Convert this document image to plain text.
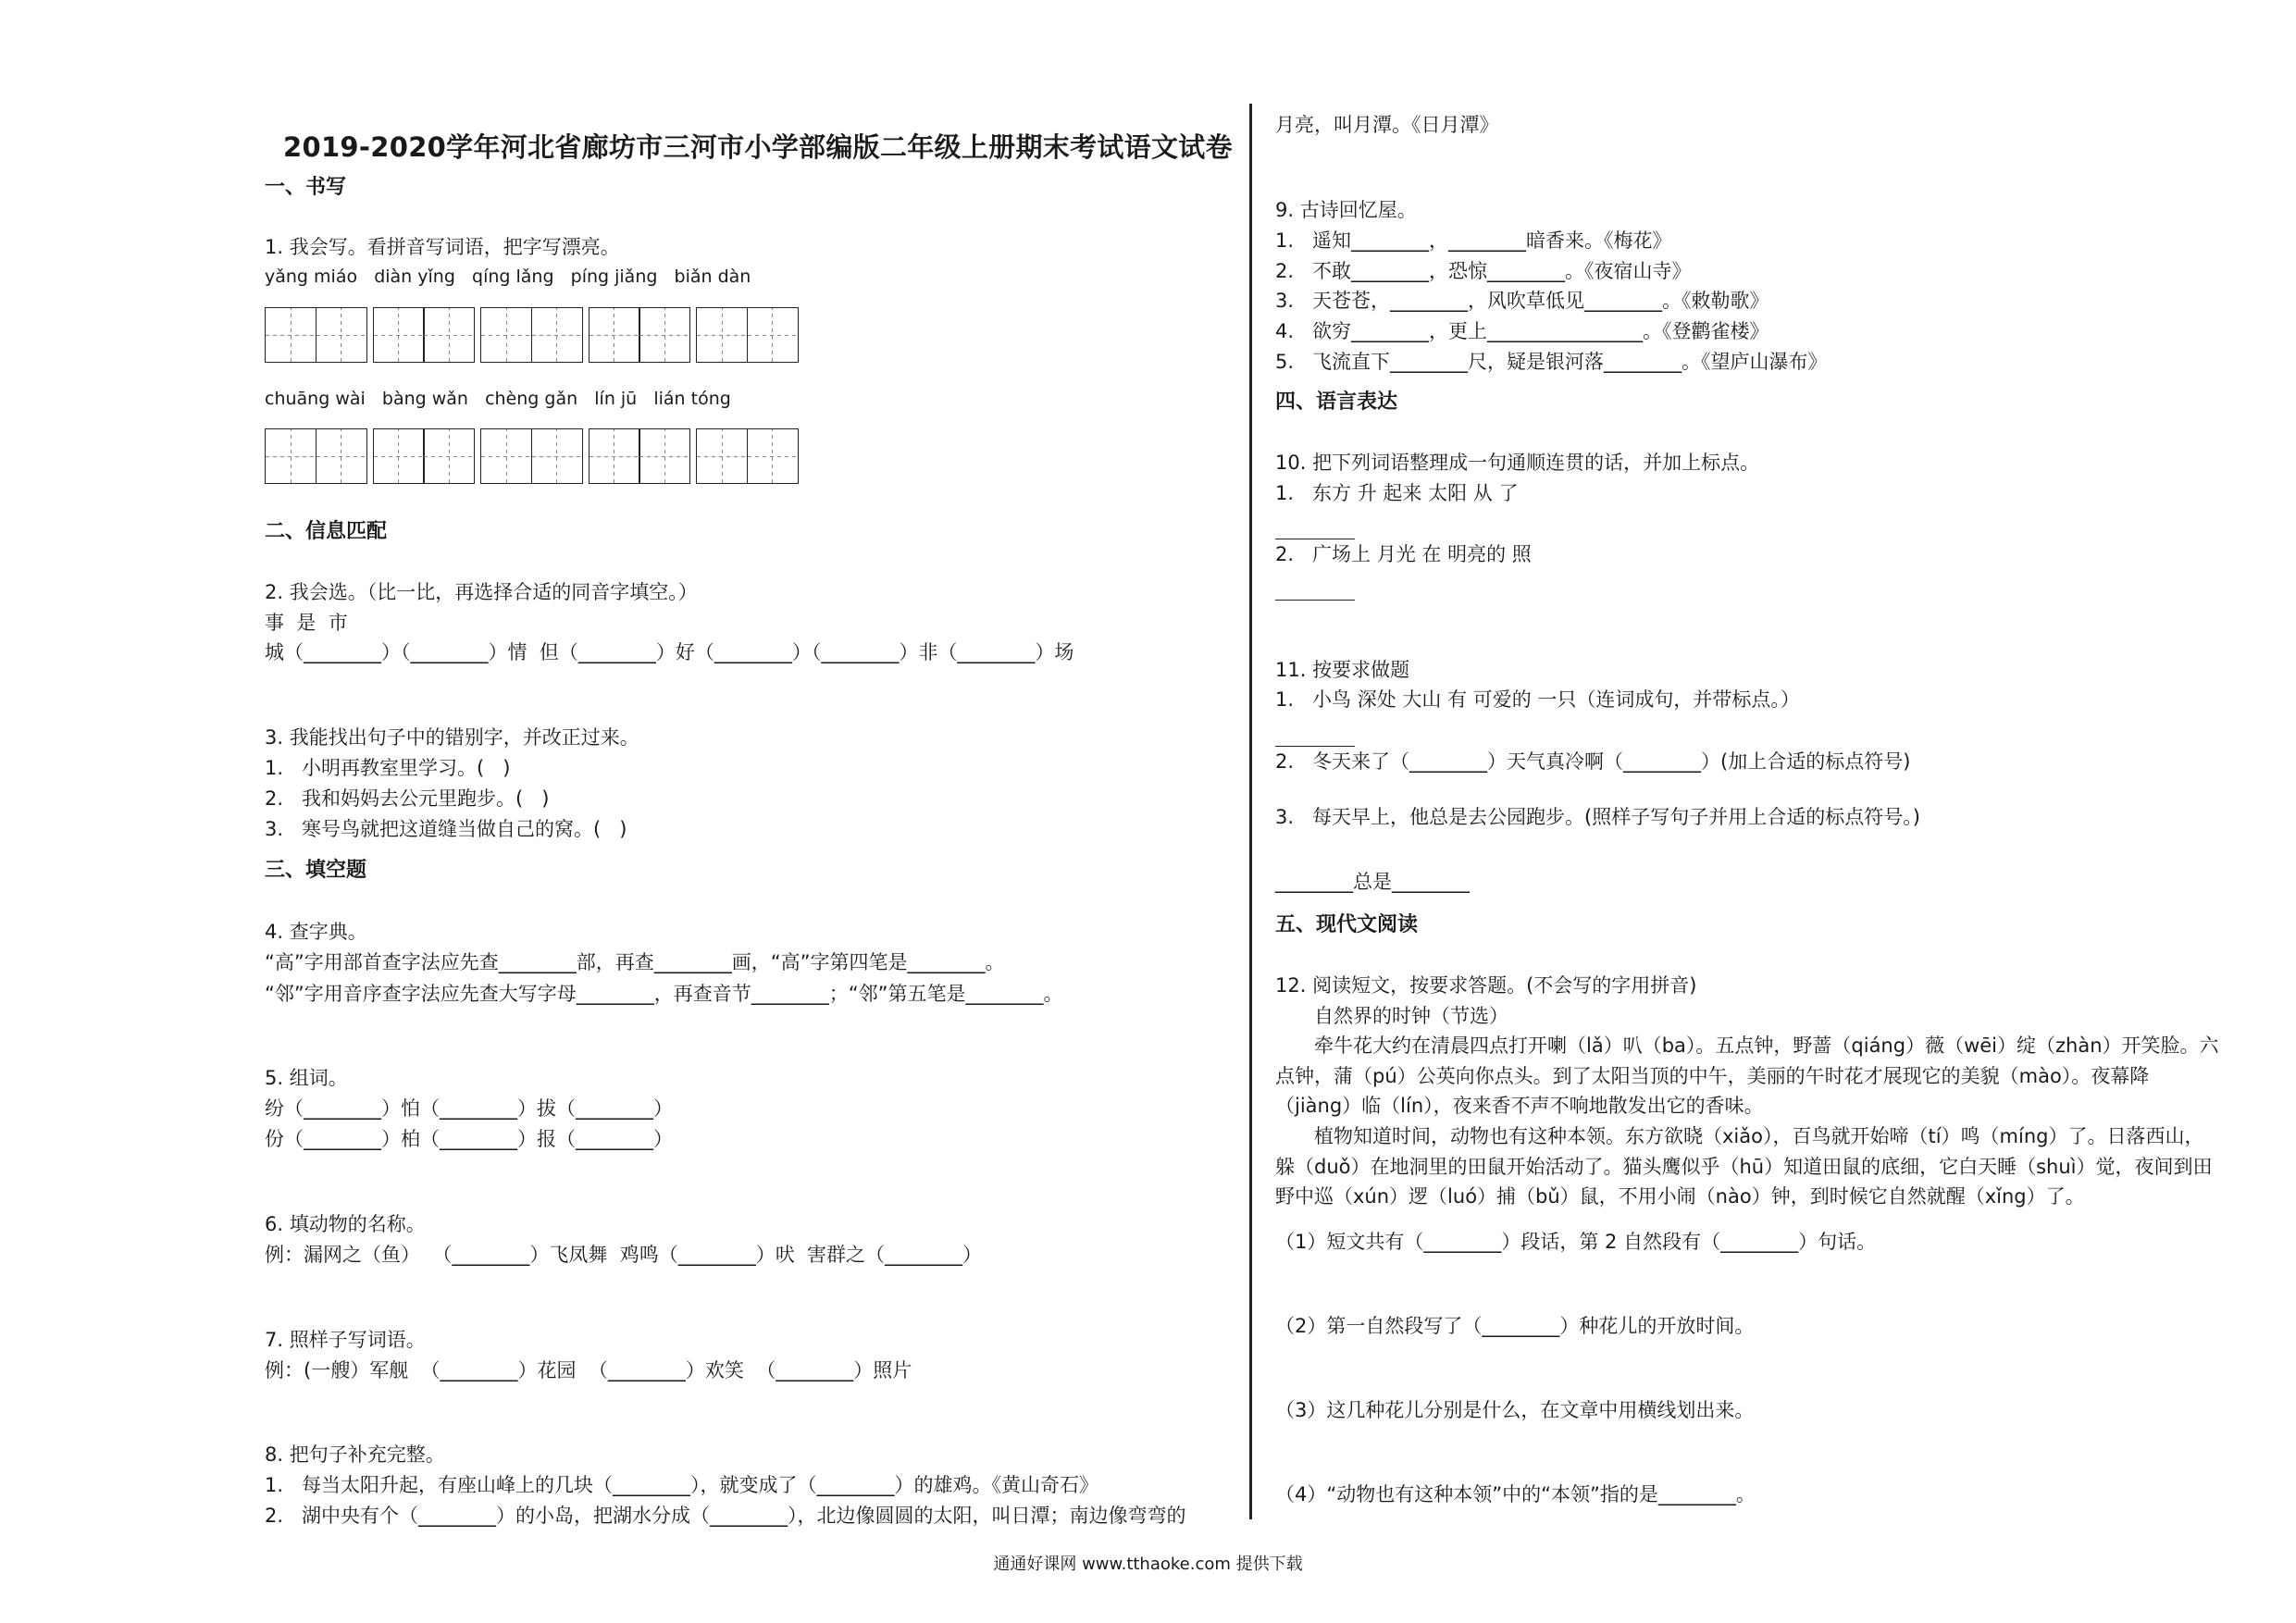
2019-2020学年河北省廊坊市三河市小学部编版二年级上册期末考试语文试卷
一、书写
1. 我会写。看拼音写词语，把字写漂亮。
yǎng miáo   diàn yǐng   qíng lǎng   píng jiǎng   biǎn dàn
chuāng wài   bàng wǎn   chèng gǎn   lín jū   lián tóng
二、信息匹配
2. 我会选。（比一比，再选择合适的同音字填空。）
事  是  市
城（________）（________）情  但（________）好（________）（________）非（________）场
3. 我能找出句子中的错别字，并改正过来。
1.   小明再教室里学习。(   )
2.   我和妈妈去公元里跑步。(   )
3.   寒号鸟就把这道缝当做自己的窝。(   )
三、填空题
4. 查字典。
“高”字用部首查字法应先查________部，再查________画，“高”字第四笔是________。
“邻”字用音序查字法应先查大写字母________，再查音节________；“邻”第五笔是________。
5. 组词。
纷（________）怕（________）拔（________）
份（________）柏（________）报（________）
6. 填动物的名称。
例：漏网之（鱼）  （________）飞凤舞  鸡鸣（________）吠  害群之（________）
7. 照样子写词语。
例：(一艘）军舰  （________）花园  （________）欢笑  （________）照片
8. 把句子补充完整。
1.   每当太阳升起，有座山峰上的几块（________），就变成了（________）的雄鸡。《黄山奇石》
2.   湖中央有个（________）的小岛，把湖水分成（________），北边像圆圆的太阳，叫日潭；南边像弯弯的
月亮，叫月潭。《日月潭》
9. 古诗回忆屋。
1.   遥知________，________暗香来。《梅花》
2.   不敢________，恐惊________。《夜宿山寺》
3.   天苍苍，________，风吹草低见________。《敕勒歌》
4.   欲穷________，更上________________。《登鹳雀楼》
5.   飞流直下________尺，疑是银河落________。《望庐山瀑布》
四、语言表达
10. 把下列词语整理成一句通顺连贯的话，并加上标点。
1.   东方 升 起来 太阳 从 了
2.   广场上 月光 在 明亮的 照
11. 按要求做题
1.   小鸟 深处 大山 有 可爱的 一只（连词成句，并带标点。）
2.   冬天来了（________）天气真冷啊（________）(加上合适的标点符号)
3.   每天早上，他总是去公园跑步。(照样子写句子并用上合适的标点符号。)
________总是________
五、现代文阅读
12. 阅读短文，按要求答题。(不会写的字用拼音)
自然界的时钟（节选）
牵牛花大约在清晨四点打开喇（lǎ）叭（ba）。五点钟，野蔷（qiáng）薇（wēi）绽（zhàn）开笑脸。六
点钟，蒲（pú）公英向你点头。到了太阳当顶的中午，美丽的午时花才展现它的美貌（mào）。夜幕降
（jiàng）临（lín），夜来香不声不响地散发出它的香味。
植物知道时间，动物也有这种本领。东方欲晓（xiǎo），百鸟就开始啼（tí）鸣（míng）了。日落西山，
躲（duǒ）在地洞里的田鼠开始活动了。猫头鹰似乎（hū）知道田鼠的底细，它白天睡（shuì）觉，夜间到田
野中巡（xún）逻（luó）捕（bǔ）鼠，不用小闹（nào）钟，到时候它自然就醒（xǐng）了。
（1）短文共有（________）段话，第 2 自然段有（________）句话。
（2）第一自然段写了（________）种花儿的开放时间。
（3）这几种花儿分别是什么，在文章中用横线划出来。
（4）“动物也有这种本领”中的“本领”指的是________。
通通好课网 www.tthaoke.com 提供下载
